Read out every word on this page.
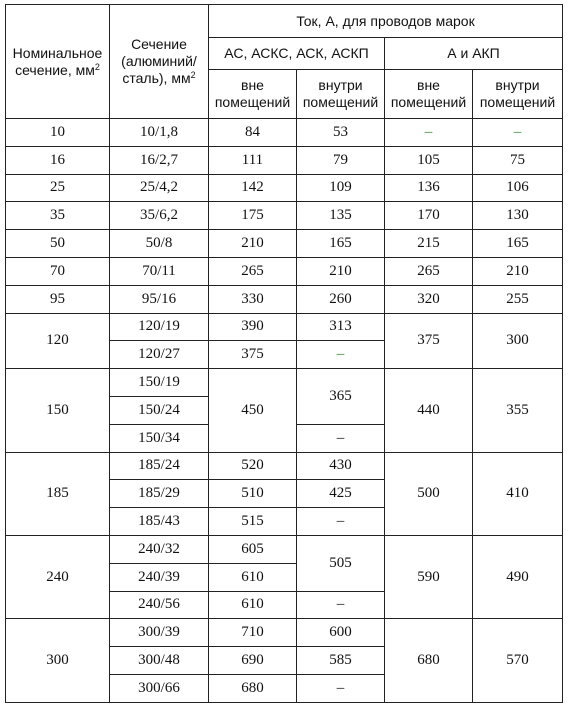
Номинальное сечение, $мм^2$	Сечение (алюминий/ сталь), $мм^2$	Ток, А, для проводов марок			
		АС, АСКС, АСК, АСКП		А и АКП	
		вне помещений	внутри помещений	вне помещений	внутри помещений
10	10/1,8	84	53	–	–
16	16/2,7	111	79	105	75
25	25/4,2	142	109	136	106
35	35/6,2	175	135	170	130
50	50/8	210	165	215	165
70	70/11	265	210	265	210
95	95/16	330	260	320	255
120	120/19	390	313	375	300
	120/27	375	–		
150	150/19	450	365	440	355
	150/24				
	150/34		–		
185	185/24	520	430	500	410
	185/29	510	425		
	185/43	515	–		
240	240/32	605	505	590	490
	240/39	610			
	240/56	610	–		
300	300/39	710	600	680	570
	300/48	690	585		
	300/66	680	–		
